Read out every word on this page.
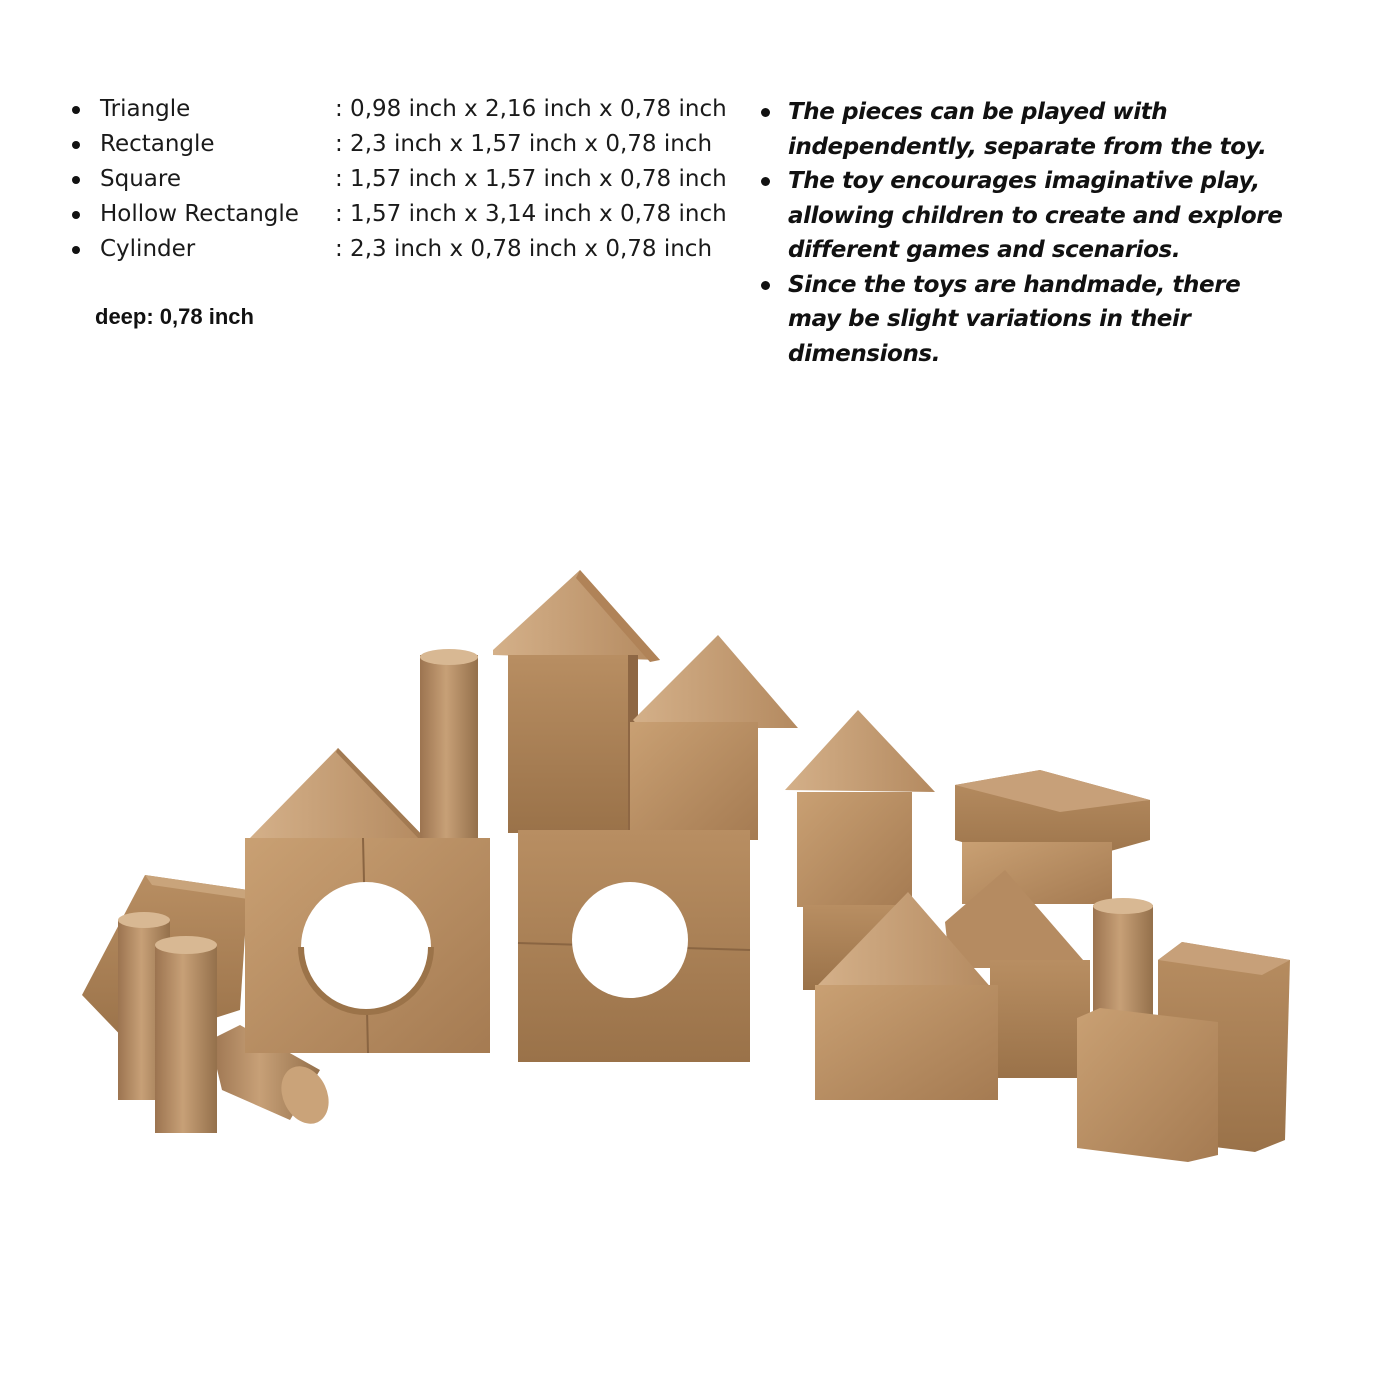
Triangle	: 0,98 inch x 2,16 inch x 0,78 inch
Rectangle	: 2,3 inch x 1,57 inch x 0,78 inch
Square	: 1,57 inch x 1,57 inch x 0,78 inch
Hollow Rectangle : 1,57 inch x 3,14 inch x 0,78 inch
Cylinder	: 2,3 inch x 0,78 inch x 0,78 inch
deep: 0,78 inch
The pieces can be played with independently, separate from the toy.
The toy encourages imaginative play, allowing children to create and explore different games and scenarios.
Since the toys are handmade, there may be slight variations in their dimensions.
